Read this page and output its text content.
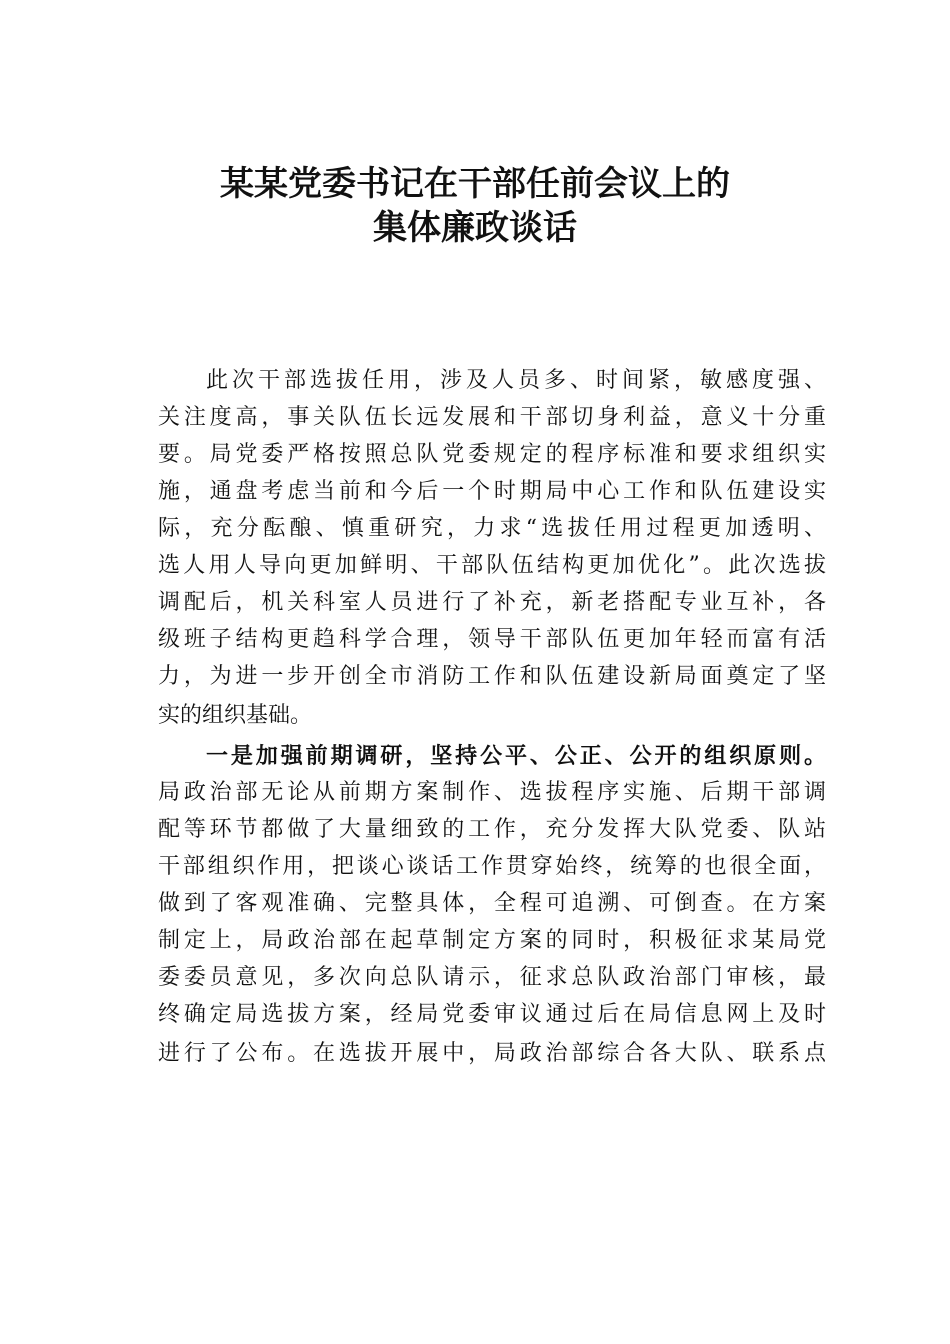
某某党委书记在干部任前会议上的
集体廉政谈话
此次干部选拔任用，涉及人员多、时间紧，敏感度强、
关注度高，事关队伍长远发展和干部切身利益，意义十分重
要。局党委严格按照总队党委规定的程序标准和要求组织实
施，通盘考虑当前和今后一个时期局中心工作和队伍建设实
际，充分酝酿、慎重研究，力求“选拔任用过程更加透明、
选人用人导向更加鲜明、干部队伍结构更加优化”。此次选拔
调配后，机关科室人员进行了补充，新老搭配专业互补，各
级班子结构更趋科学合理，领导干部队伍更加年轻而富有活
力，为进一步开创全市消防工作和队伍建设新局面奠定了坚
实的组织基础。
一是加强前期调研，坚持公平、公正、公开的组织原则。
局政治部无论从前期方案制作、选拔程序实施、后期干部调
配等环节都做了大量细致的工作，充分发挥大队党委、队站
干部组织作用，把谈心谈话工作贯穿始终，统筹的也很全面，
做到了客观准确、完整具体，全程可追溯、可倒查。在方案
制定上，局政治部在起草制定方案的同时，积极征求某局党
委委员意见，多次向总队请示，征求总队政治部门审核，最
终确定局选拔方案，经局党委审议通过后在局信息网上及时
进行了公布。在选拔开展中，局政治部综合各大队、联系点
